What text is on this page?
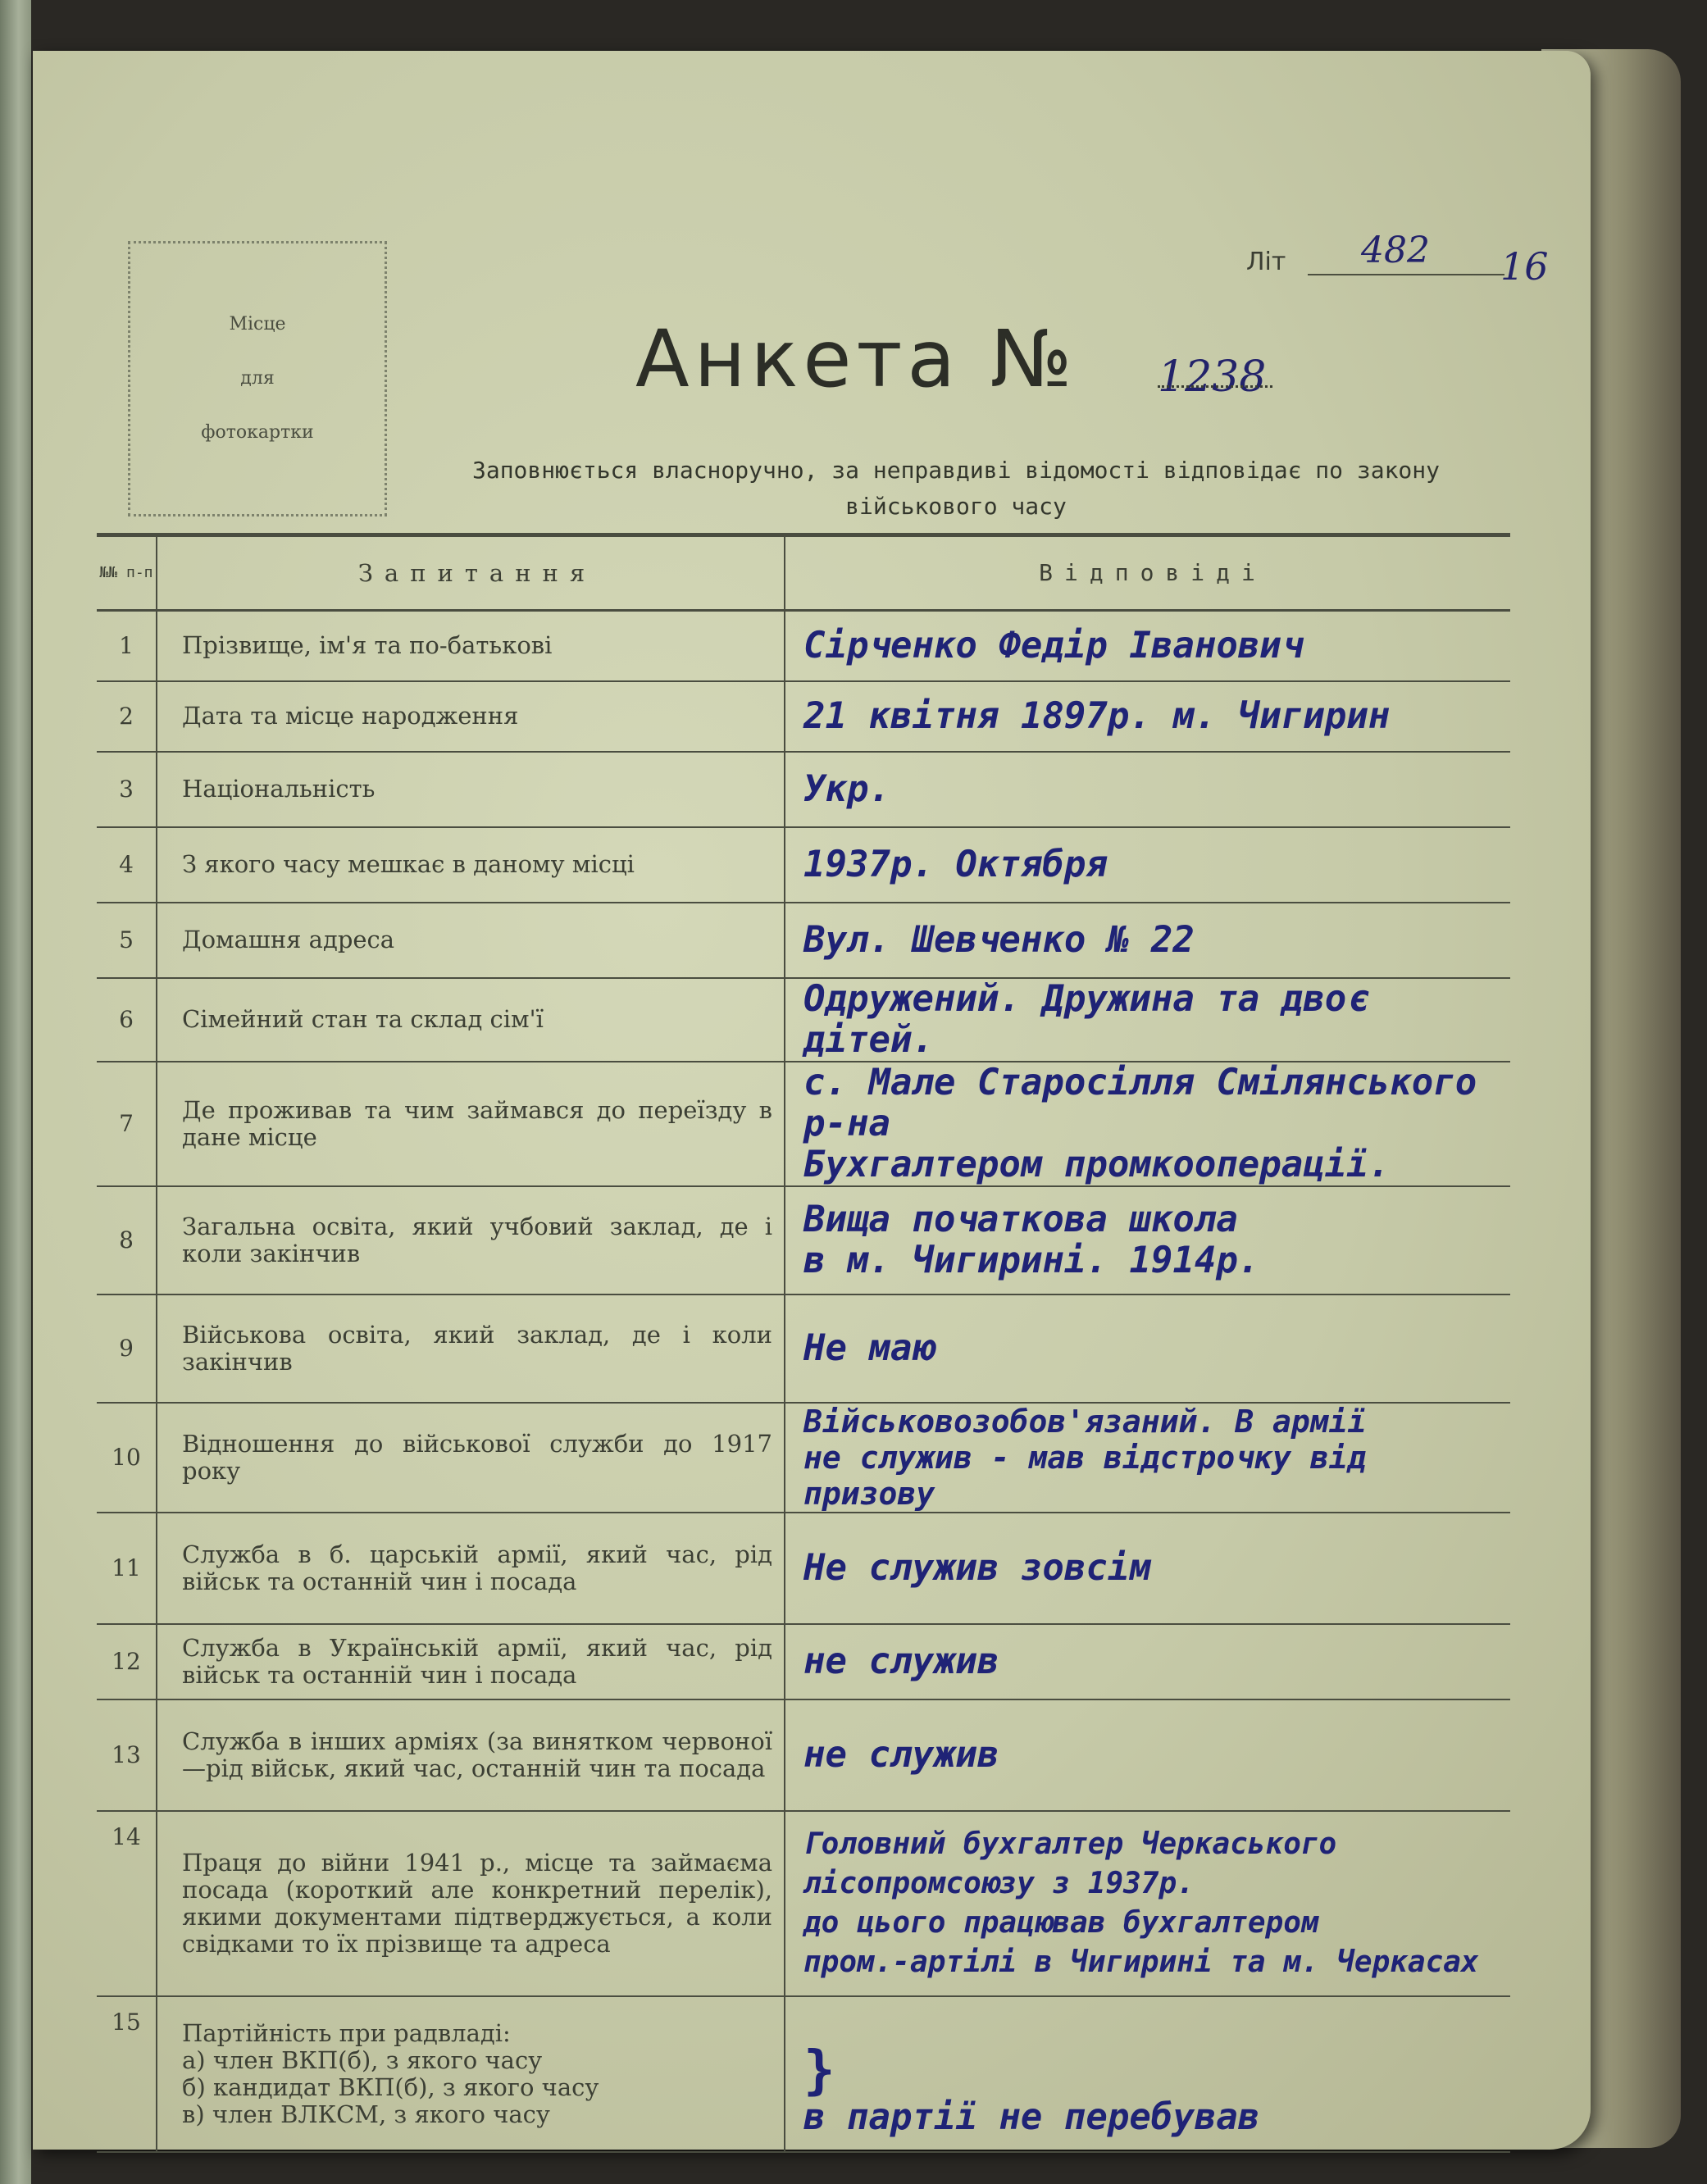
Місце
для
фотокартки
Літ 482 16
Анкета № 1238
Заповнюється власноручно, за неправдиві відомості відповідає по закону військового часу
№№ п-п	Запитання	Відповіді
1	Прізвище, ім'я та по-батькові	Сірченко Федір Іванович
2	Дата та місце народження	21 квітня 1897р. м. Чигирин
3	Національність	Укр.
4	З якого часу мешкає в даному місці	1937р. Октября
5	Домашня адреса	Вул. Шевченко № 22
6	Сімейний стан та склад сім'ї	Одружений. Дружина та двоє дітей.
7	Де проживав та чим займався до переїзду в дане місце	с. Мале Старосілля Смілянського р-на
Бухгалтером промкооперації.
8	Загальна освіта, який учбовий заклад, де і коли закінчив	Вища початкова школа
в м. Чигирині. 1914р.
9	Військова освіта, який заклад, де і коли закінчив	Не маю
10	Відношення до військової служби до 1917 року	Військовозобов'язаний. В армії
не служив - мав відстрочку від призову
11	Служба в б. царській армії, який час, рід військ та останній чин і посада	Не служив зовсім
12	Служба в Українській армії, який час, рід військ та останній чин і посада	не служив
13	Служба в інших арміях (за винятком червоної—рід військ, який час, останній чин та посада	не служив
14	Праця до війни 1941 р., місце та займаєма посада (короткий але конкретний перелік), якими документами підтверджується, а коли свідками то їх прізвище та адреса	Головний бухгалтер Черкаського
лісопромсоюзу з 1937р.
до цього працював бухгалтером
пром.-артілі в Чигирині та м. Черкасах
15	Партійність при радвладі:
а) член ВКП(б), з якого часу
б) кандидат ВКП(б), з якого часу
в) член ВЛКСМ, з якого часу	}
в партії не перебував
